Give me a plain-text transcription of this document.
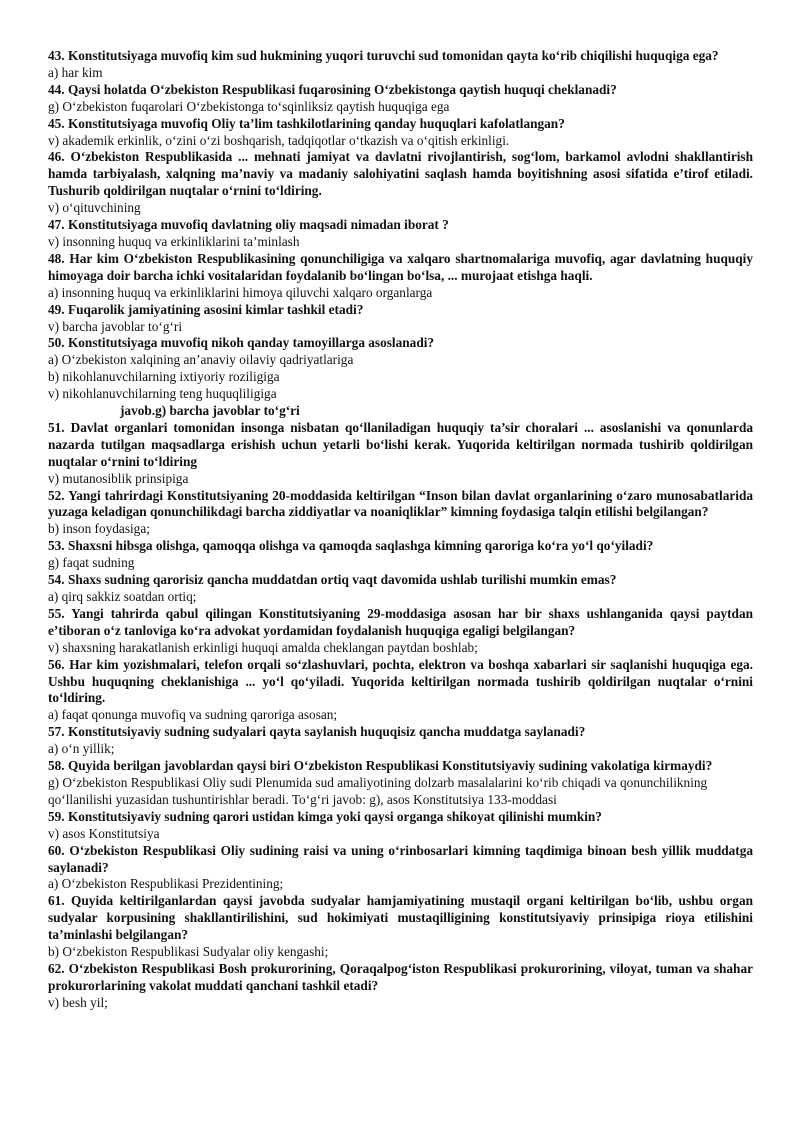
43. Konstitutsiyaga muvofiq kim sud hukmining yuqori turuvchi sud tomonidan qayta ko‘rib chiqilishi huquqiga ega?

a) har kim

44. Qaysi holatda O‘zbekiston Respublikasi fuqarosining O‘zbekistonga qaytish huquqi cheklanadi?

g) O‘zbekiston fuqarolari O‘zbekistonga to‘sqinliksiz qaytish huquqiga ega

45. Konstitutsiyaga muvofiq Oliy ta’lim tashkilotlarining qanday huquqlari kafolatlangan?

v) akademik erkinlik, o‘zini o‘zi boshqarish, tadqiqotlar o‘tkazish va o‘qitish erkinligi.

46. O‘zbekiston Respublikasida ... mehnati jamiyat va davlatni rivojlantirish, sog‘lom, barkamol avlodni shakllantirish hamda tarbiyalash, xalqning ma’naviy va madaniy salohiyatini saqlash hamda boyitishning asosi sifatida e’tirof etiladi. Tushurib qoldirilgan nuqtalar o‘rnini to‘ldiring.

v) o‘qituvchining

47. Konstitutsiyaga muvofiq davlatning oliy maqsadi nimadan iborat ?

v) insonning huquq va erkinliklarini ta’minlash

48. Har kim O‘zbekiston Respublikasining qonunchiligiga va xalqaro shartnomalariga muvofiq, agar davlatning huquqiy himoyaga doir barcha ichki vositalaridan foydalanib bo‘lingan bo‘lsa, ... murojaat etishga haqli.

a) insonning huquq va erkinliklarini himoya qiluvchi xalqaro organlarga

49. Fuqarolik jamiyatining asosini kimlar tashkil etadi?

v) barcha javoblar to‘g‘ri

50. Konstitutsiyaga muvofiq nikoh qanday tamoyillarga asoslanadi?

a) O‘zbekiston xalqining an’anaviy oilaviy qadriyatlariga

b) nikohlanuvchilarning ixtiyoriy roziligiga

v) nikohlanuvchilarning teng huquqliligiga

javob.g) barcha javoblar to‘g‘ri

51. Davlat organlari tomonidan insonga nisbatan qo‘llaniladigan huquqiy ta’sir choralari ... asoslanishi va qonunlarda nazarda tutilgan maqsadlarga erishish uchun yetarli bo‘lishi kerak. Yuqorida keltirilgan normada tushirib qoldirilgan nuqtalar o‘rnini to‘ldiring

v) mutanosiblik prinsipiga

52. Yangi tahrirdagi Konstitutsiyaning 20-moddasida keltirilgan “Inson bilan davlat organlarining o‘zaro munosabatlarida yuzaga keladigan qonunchilikdagi barcha ziddiyatlar va noaniqliklar” kimning foydasiga talqin etilishi belgilangan?

b) inson foydasiga;

53. Shaxsni hibsga olishga, qamoqqa olishga va qamoqda saqlashga kimning qaroriga ko‘ra yo‘l qo‘yiladi?

g) faqat sudning

54. Shaxs sudning qarorisiz qancha muddatdan ortiq vaqt davomida ushlab turilishi mumkin emas?

a) qirq sakkiz soatdan ortiq;

55. Yangi tahrirda qabul qilingan Konstitutsiyaning 29-moddasiga asosan har bir shaxs ushlanganida qaysi paytdan e’tiboran o‘z tanloviga ko‘ra advokat yordamidan foydalanish huquqiga egaligi belgilangan?

v) shaxsning harakatlanish erkinligi huquqi amalda cheklangan paytdan boshlab;

56. Har kim yozishmalari, telefon orqali so‘zlashuvlari, pochta, elektron va boshqa xabarlari sir saqlanishi huquqiga ega. Ushbu huquqning cheklanishiga ... yo‘l qo‘yiladi. Yuqorida keltirilgan normada tushirib qoldirilgan nuqtalar o‘rnini to‘ldiring.

a) faqat qonunga muvofiq va sudning qaroriga asosan;

57. Konstitutsiyaviy sudning sudyalari qayta saylanish huquqisiz qancha muddatga saylanadi?

a) o‘n yillik;

58. Quyida berilgan javoblardan qaysi biri O‘zbekiston Respublikasi Konstitutsiyaviy sudining vakolatiga kirmaydi?

g) O‘zbekiston Respublikasi Oliy sudi Plenumida sud amaliyotining dolzarb masalalarini ko‘rib chiqadi va qonunchilikning qo‘llanilishi yuzasidan tushuntirishlar beradi. To‘g‘ri javob: g), asos Konstitutsiya 133-moddasi

59. Konstitutsiyaviy sudning qarori ustidan kimga yoki qaysi organga shikoyat qilinishi mumkin?

v) asos Konstitutsiya

60. O‘zbekiston Respublikasi Oliy sudining raisi va uning o‘rinbosarlari kimning taqdimiga binoan besh yillik muddatga saylanadi?

a) O‘zbekiston Respublikasi Prezidentining;

61. Quyida keltirilganlardan qaysi javobda sudyalar hamjamiyatining mustaqil organi keltirilgan bo‘lib, ushbu organ sudyalar korpusining shakllantirilishini, sud hokimiyati mustaqilligining konstitutsiyaviy prinsipiga rioya etilishini ta’minlashi belgilangan?

b) O‘zbekiston Respublikasi Sudyalar oliy kengashi;

62. O‘zbekiston Respublikasi Bosh prokurorining, Qoraqalpog‘iston Respublikasi prokurorining, viloyat, tuman va shahar prokurorlarining vakolat muddati qanchani tashkil etadi?

v) besh yil;
